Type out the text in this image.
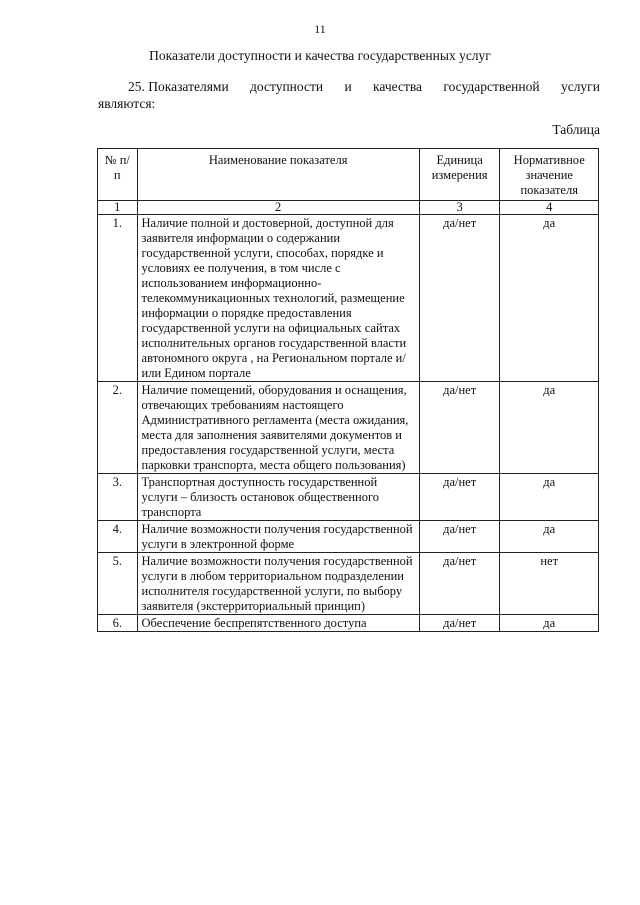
11
Показатели доступности и качества государственных услуг
25. Показателями доступности и качества государственной услуги
являются:
Таблица
№ п/п	Наименование показателя	Единица измерения	Нормативное значение показателя
1	2	3	4
1.	Наличие полной и достоверной, доступной для заявителя информации о содержании государственной услуги, способах, порядке и условиях ее получения, в том числе с использованием информационно-телекоммуникационных технологий, размещение информации о порядке предоставления государственной услуги на официальных сайтах исполнительных органов государственной власти автономного округа , на Региональном портале и/или Едином портале	да/нет	да
2.	Наличие помещений, оборудования и оснащения, отвечающих требованиям настоящего Административного регламента (места ожидания, места для заполнения заявителями документов и предоставления государственной услуги, места парковки транспорта, места общего пользования)	да/нет	да
3.	Транспортная доступность государственной услуги – близость остановок общественного транспорта	да/нет	да
4.	Наличие возможности получения государственной услуги в электронной форме	да/нет	да
5.	Наличие возможности получения государственной услуги в любом территориальном подразделении исполнителя государственной услуги, по выбору заявителя (экстерриториальный принцип)	да/нет	нет
6.	Обеспечение беспрепятственного доступа	да/нет	да
